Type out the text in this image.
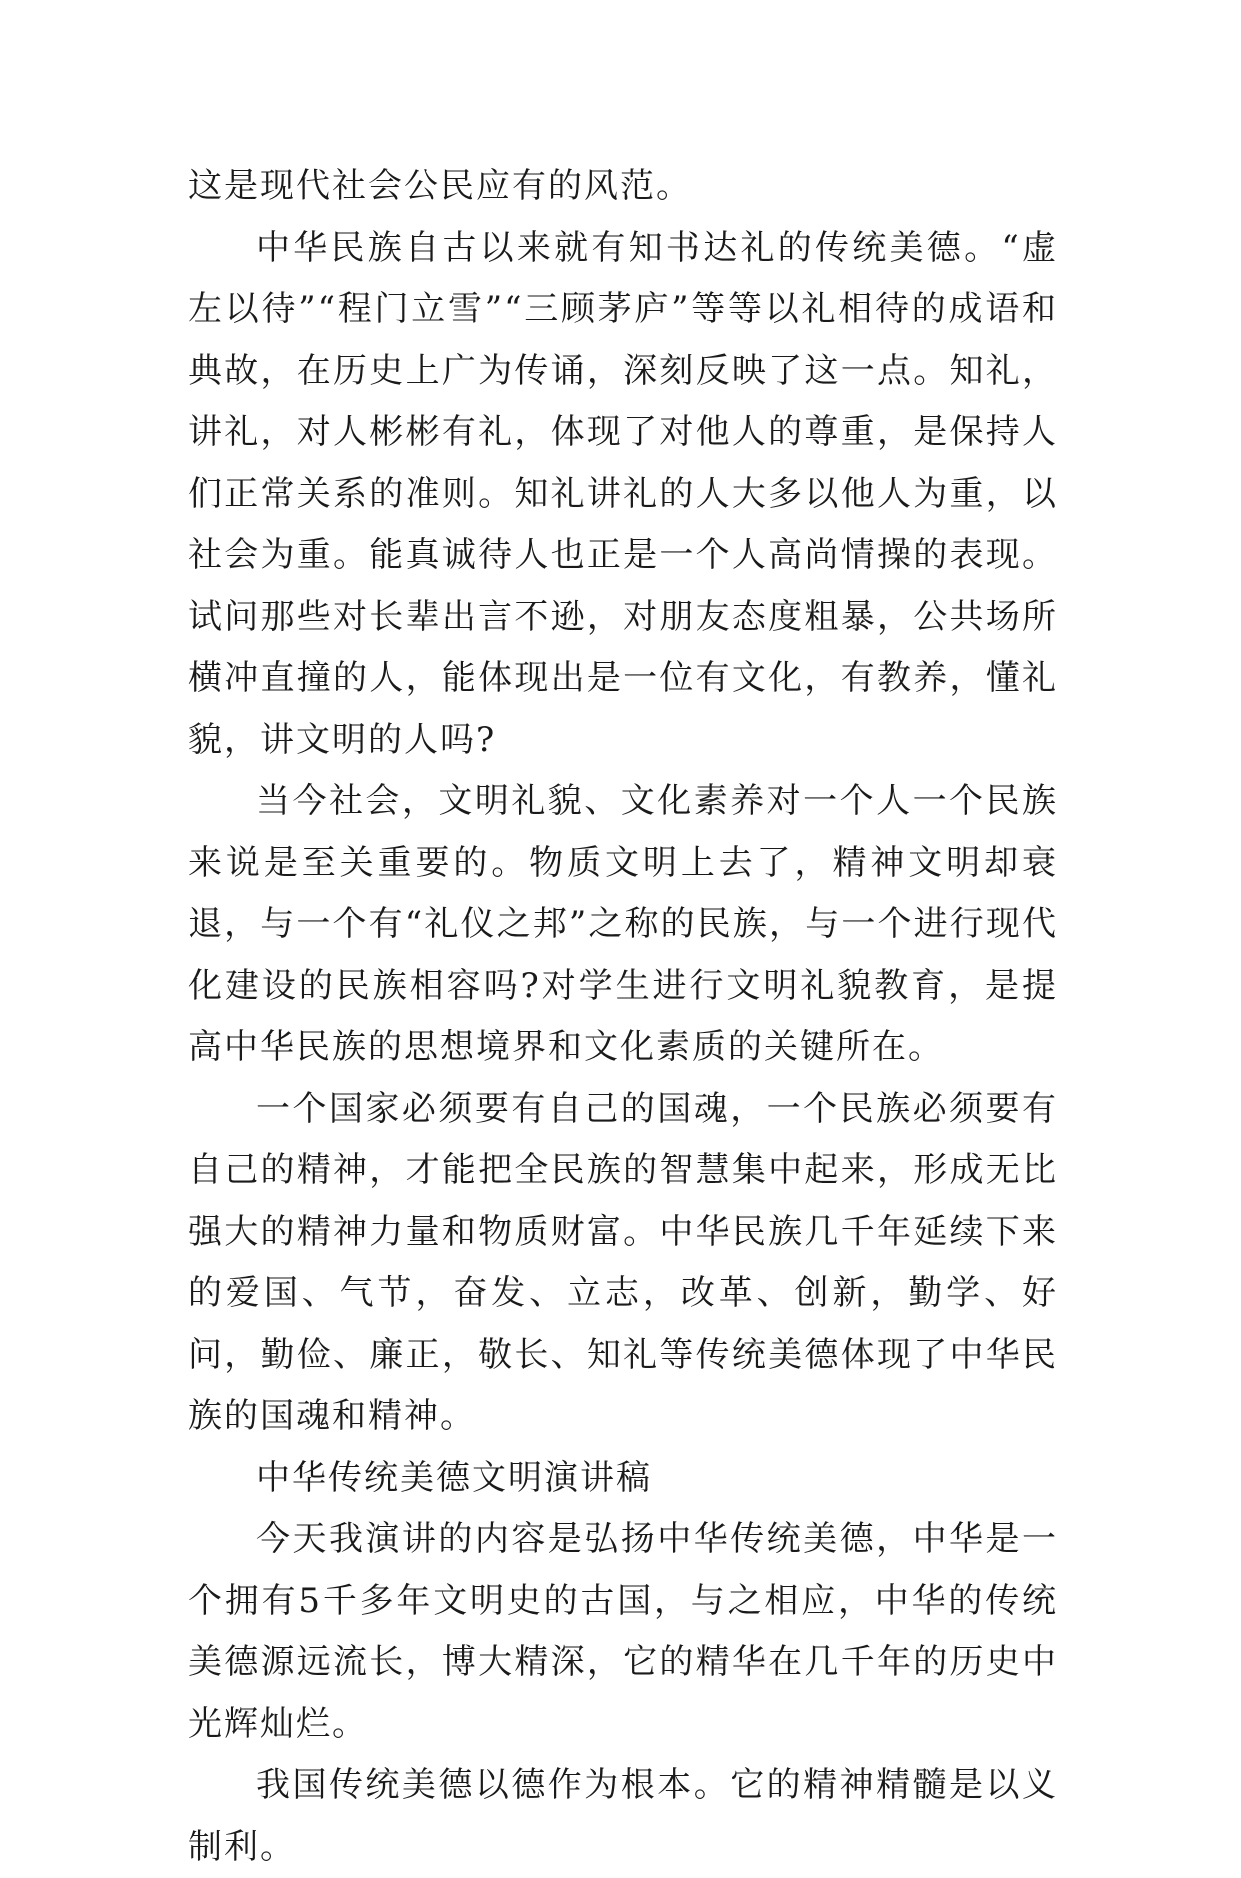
这是现代社会公民应有的风范。

中华民族自古以来就有知书达礼的传统美德。“虚左以待”“程门立雪”“三顾茅庐”等等以礼相待的成语和典故，在历史上广为传诵，深刻反映了这一点。知礼，讲礼，对人彬彬有礼，体现了对他人的尊重，是保持人们正常关系的准则。知礼讲礼的人大多以他人为重，以社会为重。能真诚待人也正是一个人高尚情操的表现。试问那些对长辈出言不逊，对朋友态度粗暴，公共场所横冲直撞的人，能体现出是一位有文化，有教养，懂礼貌，讲文明的人吗?

当今社会，文明礼貌、文化素养对一个人一个民族来说是至关重要的。物质文明上去了，精神文明却衰退，与一个有“礼仪之邦”之称的民族，与一个进行现代化建设的民族相容吗?对学生进行文明礼貌教育，是提高中华民族的思想境界和文化素质的关键所在。

一个国家必须要有自己的国魂，一个民族必须要有自己的精神，才能把全民族的智慧集中起来，形成无比强大的精神力量和物质财富。中华民族几千年延续下来的爱国、气节，奋发、立志，改革、创新，勤学、好问，勤俭、廉正，敬长、知礼等传统美德体现了中华民族的国魂和精神。

中华传统美德文明演讲稿

今天我演讲的内容是弘扬中华传统美德，中华是一个拥有5千多年文明史的古国，与之相应，中华的传统美德源远流长，博大精深，它的精华在几千年的历史中光辉灿烂。

我国传统美德以德作为根本。它的精神精髓是以义制利。
